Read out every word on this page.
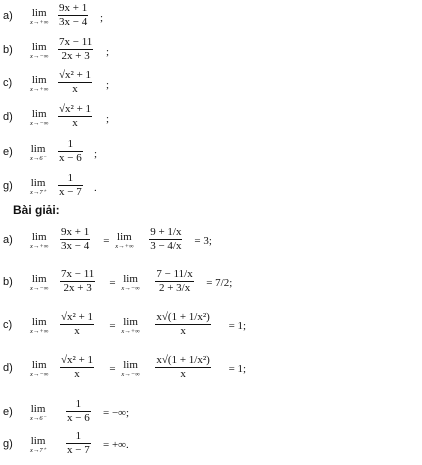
a) lim
$x\to+\infty \frac{9x + 1}{3x - 4}$ ;
b) lim
$x\to-\infty \frac{7x - 11}{2x + 3}$ ;
c) lim
$x\to+\infty \frac{\text{√x² + 1}}{x}$ ;
d) lim
$x\to-\infty \frac{\text{√x² + 1}}{x}$ ;
e) lim
$x\to 6^- \frac{1}{x - 6}$ ;
g) lim
$x\to 7^+ \frac{1}{x - 7}$ .
Bài giải:
a) lim
$x\to+\infty \frac{9x + 1}{3x - 4} = \lim$
$x\to+\infty \frac{9 + 1/x}{3 - 4/x} = 3$;
b) lim
$x\to-\infty \frac{7x - 11}{2x + 3} = \lim$
$x\to-\infty \frac{7 - 11/x}{2 + 3/x} = 7/2$;
c) lim
$x\to+\infty \frac{\text{√x² + 1}}{x} = \lim$
$x\to+\infty \frac{\text{x√(1 + 1/x²)}}{x} = 1$;
d) lim
$x\to-\infty \frac{\text{√x² + 1}}{x} = \lim$
$x\to-\infty \frac{\text{x√(1 + 1/x²)}}{x} = 1$;
e) lim
$x\to 6^- \frac{1}{x - 6}$ = −∞;
g) lim
$x\to 7^+ \frac{1}{x - 7}$ = +∞.
